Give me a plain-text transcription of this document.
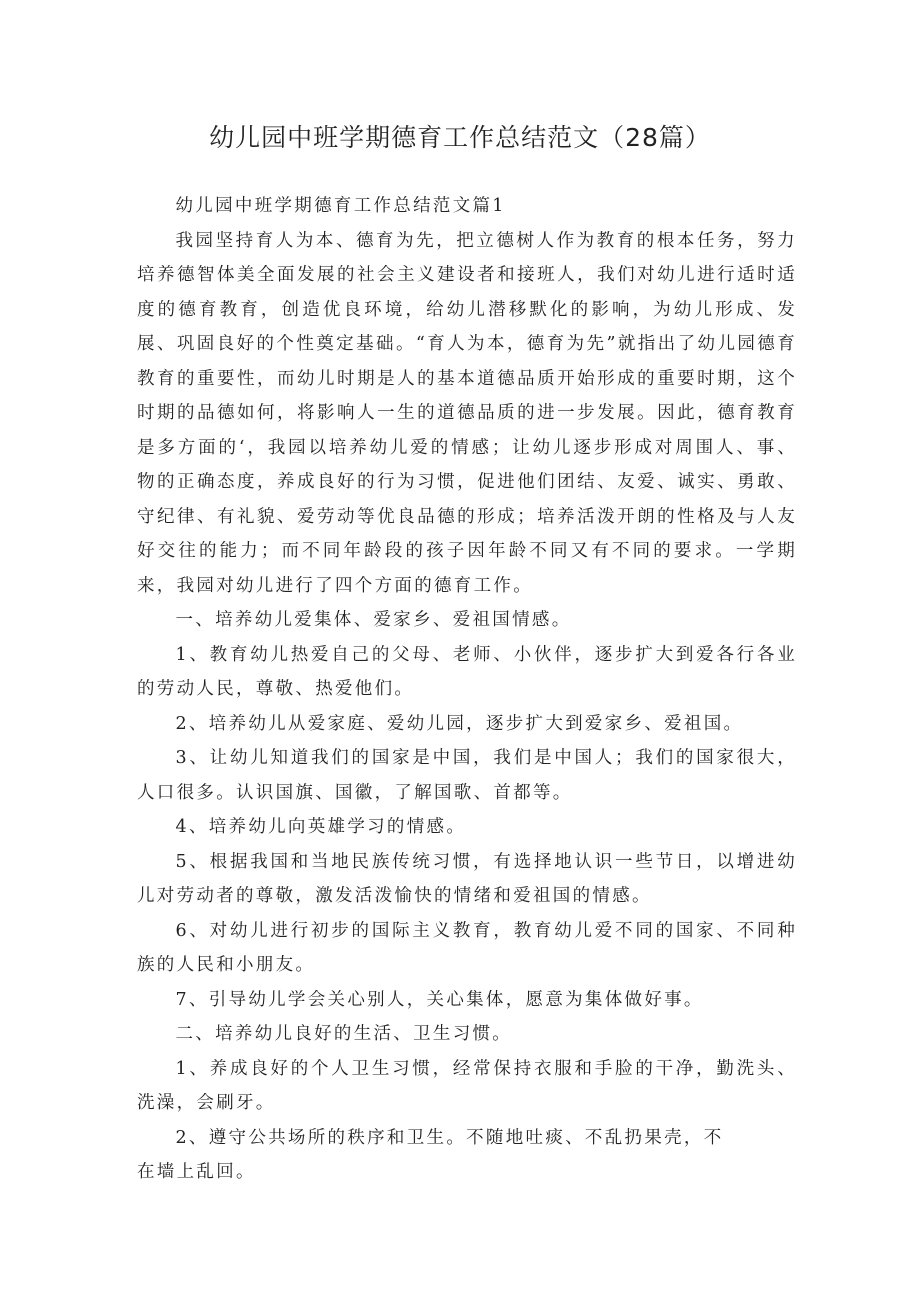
幼儿园中班学期德育工作总结范文（28篇）

幼儿园中班学期德育工作总结范文篇1

我园坚持育人为本、德育为先，把立德树人作为教育的根本任务，努力培养德智体美全面发展的社会主义建设者和接班人，我们对幼儿进行适时适度的德育教育，创造优良环境，给幼儿潜移默化的影响，为幼儿形成、发展、巩固良好的个性奠定基础。“育人为本，德育为先”就指出了幼儿园德育教育的重要性，而幼儿时期是人的基本道德品质开始形成的重要时期，这个时期的品德如何，将影响人一生的道德品质的进一步发展。因此，德育教育是多方面的‘，我园以培养幼儿爱的情感；让幼儿逐步形成对周围人、事、物的正确态度，养成良好的行为习惯，促进他们团结、友爱、诚实、勇敢、守纪律、有礼貌、爱劳动等优良品德的形成；培养活泼开朗的性格及与人友好交往的能力；而不同年龄段的孩子因年龄不同又有不同的要求。一学期来，我园对幼儿进行了四个方面的德育工作。

一、培养幼儿爱集体、爱家乡、爱祖国情感。

1、教育幼儿热爱自己的父母、老师、小伙伴，逐步扩大到爱各行各业的劳动人民，尊敬、热爱他们。

2、培养幼儿从爱家庭、爱幼儿园，逐步扩大到爱家乡、爱祖国。

3、让幼儿知道我们的国家是中国，我们是中国人；我们的国家很大，人口很多。认识国旗、国徽，了解国歌、首都等。

4、培养幼儿向英雄学习的情感。

5、根据我国和当地民族传统习惯，有选择地认识一些节日，以增进幼儿对劳动者的尊敬，激发活泼愉快的情绪和爱祖国的情感。

6、对幼儿进行初步的国际主义教育，教育幼儿爱不同的国家、不同种族的人民和小朋友。

7、引导幼儿学会关心别人，关心集体，愿意为集体做好事。

二、培养幼儿良好的生活、卫生习惯。

1、养成良好的个人卫生习惯，经常保持衣服和手脸的干净，勤洗头、洗澡，会刷牙。

2、遵守公共场所的秩序和卫生。不随地吐痰、不乱扔果壳，不

在墙上乱回。
